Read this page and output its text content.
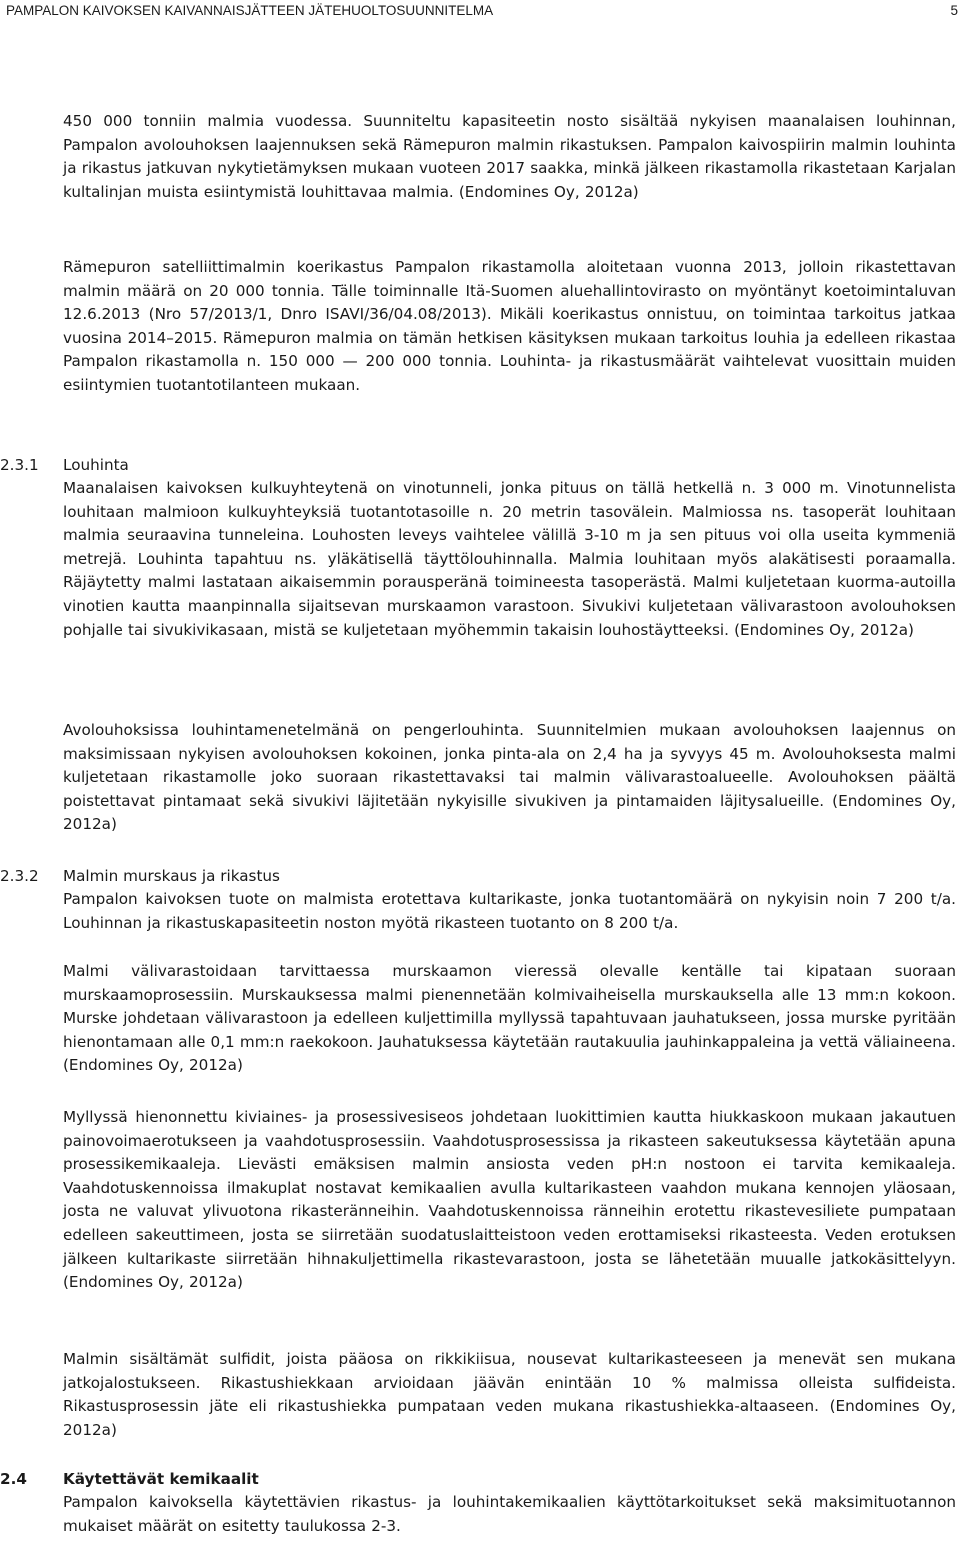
PAMPALON KAIVOKSEN KAIVANNAISJÄTTEEN JÄTEHUOLTOSUUNNITELMA	5

450 000 tonniin malmia vuodessa. Suunniteltu kapasiteetin nosto sisältää nykyisen maanalaisen louhinnan, Pampalon avolouhoksen laajennuksen sekä Rämepuron malmin rikastuksen. Pampalon kaivospiirin malmin louhinta ja rikastus jatkuvan nykytietämyksen mukaan vuoteen 2017 saakka, minkä jälkeen rikastamolla rikastetaan Karjalan kultalinjan muista esiintymistä louhittavaa malmia. (Endomines Oy, 2012a)

Rämepuron satelliittimalmin koerikastus Pampalon rikastamolla aloitetaan vuonna 2013, jolloin rikastettavan malmin määrä on 20 000 tonnia. Tälle toiminnalle Itä-Suomen aluehallintovirasto on myöntänyt koetoimintaluvan 12.6.2013 (Nro 57/2013/1, Dnro ISAVI/36/04.08/2013). Mikäli koerikastus onnistuu, on toimintaa tarkoitus jatkaa vuosina 2014–2015. Rämepuron malmia on tämän hetkisen käsityksen mukaan tarkoitus louhia ja edelleen rikastaa Pampalon rikastamolla n. 150 000 — 200 000 tonnia. Louhinta- ja rikastusmäärät vaihtelevat vuosittain muiden esiintymien tuotantotilanteen mukaan.

2.3.1 Louhinta

Maanalaisen kaivoksen kulkuyhteytenä on vinotunneli, jonka pituus on tällä hetkellä n. 3 000 m. Vinotunnelista louhitaan malmioon kulkuyhteyksiä tuotantotasoille n. 20 metrin tasovälein. Malmiossa ns. tasoperät louhitaan malmia seuraavina tunneleina. Louhosten leveys vaihtelee välillä 3-10 m ja sen pituus voi olla useita kymmeniä metrejä. Louhinta tapahtuu ns. yläkätisellä täyttölouhinnalla. Malmia louhitaan myös alakätisesti poraamalla. Räjäytetty malmi lastataan aikaisemmin porausperänä toimineesta tasoperästä. Malmi kuljetetaan kuorma-autoilla vinotien kautta maanpinnalla sijaitsevan murskaamon varastoon. Sivukivi kuljetetaan välivarastoon avolouhoksen pohjalle tai sivukivikasaan, mistä se kuljetetaan myöhemmin takaisin louhostäytteeksi. (Endomines Oy, 2012a)

Avolouhoksissa louhintamenetelmänä on pengerlouhinta. Suunnitelmien mukaan avolouhoksen laajennus on maksimissaan nykyisen avolouhoksen kokoinen, jonka pinta-ala on 2,4 ha ja syvyys 45 m. Avolouhoksesta malmi kuljetetaan rikastamolle joko suoraan rikastettavaksi tai malmin välivarastoalueelle. Avolouhoksen päältä poistettavat pintamaat sekä sivukivi läjitetään nykyisille sivukiven ja pintamaiden läjitysalueille. (Endomines Oy, 2012a)

2.3.2 Malmin murskaus ja rikastus

Pampalon kaivoksen tuote on malmista erotettava kultarikaste, jonka tuotantomäärä on nykyisin noin 7 200 t/a. Louhinnan ja rikastuskapasiteetin noston myötä rikasteen tuotanto on 8 200 t/a.

Malmi välivarastoidaan tarvittaessa murskaamon vieressä olevalle kentälle tai kipataan suoraan murskaamoprosessiin. Murskauksessa malmi pienennetään kolmivaiheisella murskauksella alle 13 mm:n kokoon. Murske johdetaan välivarastoon ja edelleen kuljettimilla myllyssä tapahtuvaan jauhatukseen, jossa murske pyritään hienontamaan alle 0,1 mm:n raekokoon. Jauhatuksessa käytetään rautakuulia jauhinkappaleina ja vettä väliaineena. (Endomines Oy, 2012a)

Myllyssä hienonnettu kiviaines- ja prosessivesiseos johdetaan luokittimien kautta hiukkaskoon mukaan jakautuen painovoimaerotukseen ja vaahdotusprosessiin. Vaahdotusprosessissa ja rikasteen sakeutuksessa käytetään apuna prosessikemikaaleja. Lievästi emäksisen malmin ansiosta veden pH:n nostoon ei tarvita kemikaaleja. Vaahdotuskennoissa ilmakuplat nostavat kemikaalien avulla kultarikasteen vaahdon mukana kennojen yläosaan, josta ne valuvat ylivuotona rikasteränneihin. Vaahdotuskennoissa ränneihin erotettu rikastevesiliete pumpataan edelleen sakeuttimeen, josta se siirretään suodatuslaitteistoon veden erottamiseksi rikasteesta. Veden erotuksen jälkeen kultarikaste siirretään hihnakuljettimella rikastevarastoon, josta se lähetetään muualle jatkokäsittelyyn. (Endomines Oy, 2012a)

Malmin sisältämät sulfidit, joista pääosa on rikkikiisua, nousevat kultarikasteeseen ja menevät sen mukana jatkojalostukseen. Rikastushiekkaan arvioidaan jäävän enintään 10 % malmissa olleista sulfideista. Rikastusprosessin jäte eli rikastushiekka pumpataan veden mukana rikastushiekka-altaaseen. (Endomines Oy, 2012a)

2.4 Käytettävät kemikaalit

Pampalon kaivoksella käytettävien rikastus- ja louhintakemikaalien käyttötarkoitukset sekä maksimituotannon mukaiset määrät on esitetty taulukossa 2-3.
